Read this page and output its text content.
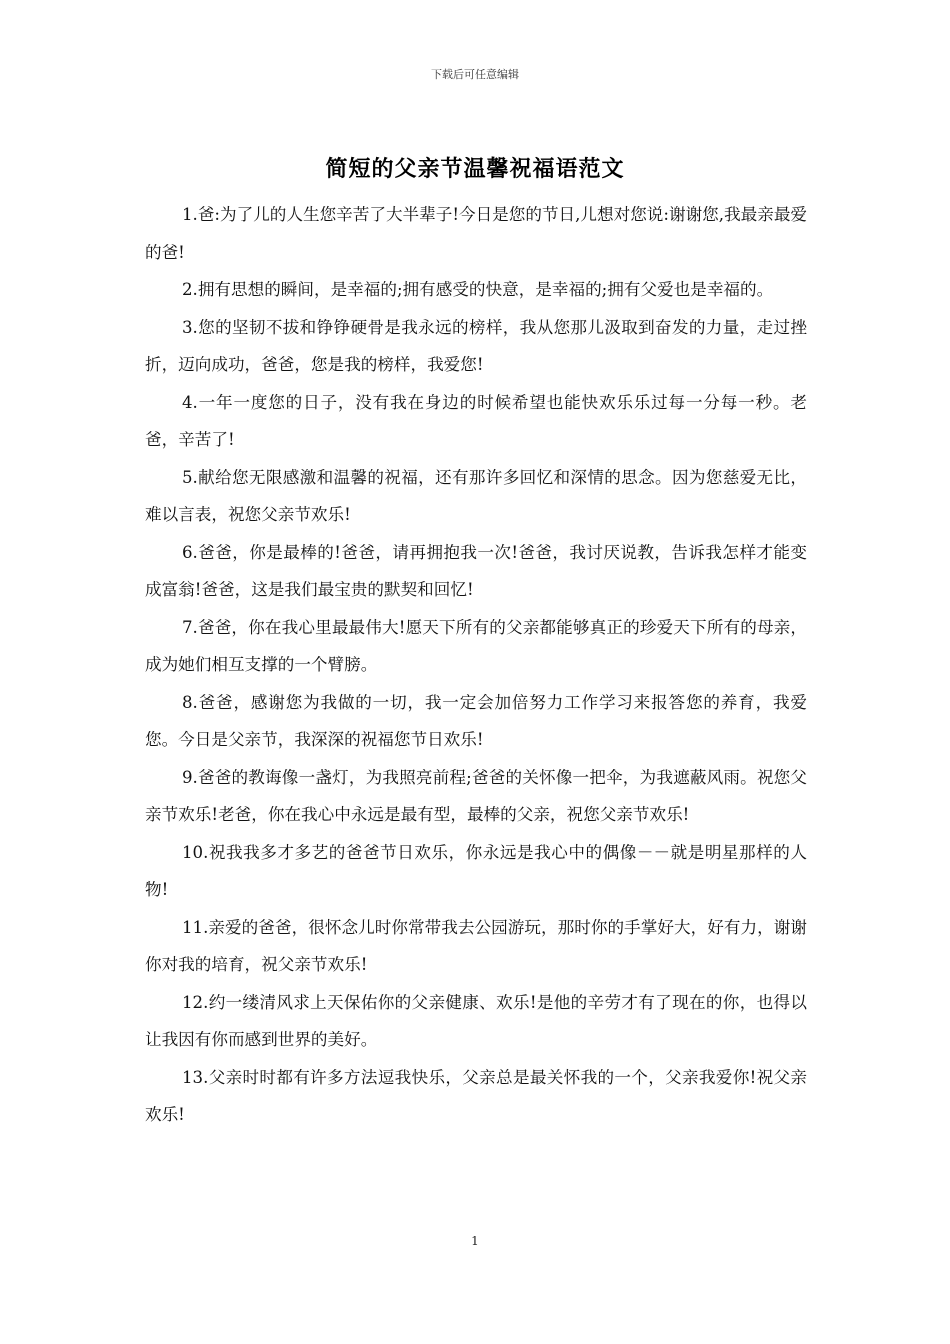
下载后可任意编辑
简短的父亲节温馨祝福语范文

1.爸:为了儿的人生您辛苦了大半辈子!今日是您的节日,儿想对您说:谢谢您,我最亲最爱的爸!

2.拥有思想的瞬间，是幸福的;拥有感受的快意，是幸福的;拥有父爱也是幸福的。

3.您的坚韧不拔和铮铮硬骨是我永远的榜样，我从您那儿汲取到奋发的力量，走过挫折，迈向成功，爸爸，您是我的榜样，我爱您!

4.一年一度您的日子，没有我在身边的时候希望也能快欢乐乐过每一分每一秒。老爸，辛苦了!

5.献给您无限感激和温馨的祝福，还有那许多回忆和深情的思念。因为您慈爱无比，难以言表，祝您父亲节欢乐!

6.爸爸，你是最棒的!爸爸，请再拥抱我一次!爸爸，我讨厌说教，告诉我怎样才能变成富翁!爸爸，这是我们最宝贵的默契和回忆!

7.爸爸，你在我心里最最伟大!愿天下所有的父亲都能够真正的珍爱天下所有的母亲，成为她们相互支撑的一个臂膀。

8.爸爸，感谢您为我做的一切，我一定会加倍努力工作学习来报答您的养育，我爱您。今日是父亲节，我深深的祝福您节日欢乐!

9.爸爸的教诲像一盏灯，为我照亮前程;爸爸的关怀像一把伞，为我遮蔽风雨。祝您父亲节欢乐!老爸，你在我心中永远是最有型，最棒的父亲，祝您父亲节欢乐!

10.祝我我多才多艺的爸爸节日欢乐，你永远是我心中的偶像－－就是明星那样的人物!

11.亲爱的爸爸，很怀念儿时你常带我去公园游玩，那时你的手掌好大，好有力，谢谢你对我的培育，祝父亲节欢乐!

12.约一缕清风求上天保佑你的父亲健康、欢乐!是他的辛劳才有了现在的你，也得以让我因有你而感到世界的美好。

13.父亲时时都有许多方法逗我快乐，父亲总是最关怀我的一个，父亲我爱你!祝父亲欢乐!

1
